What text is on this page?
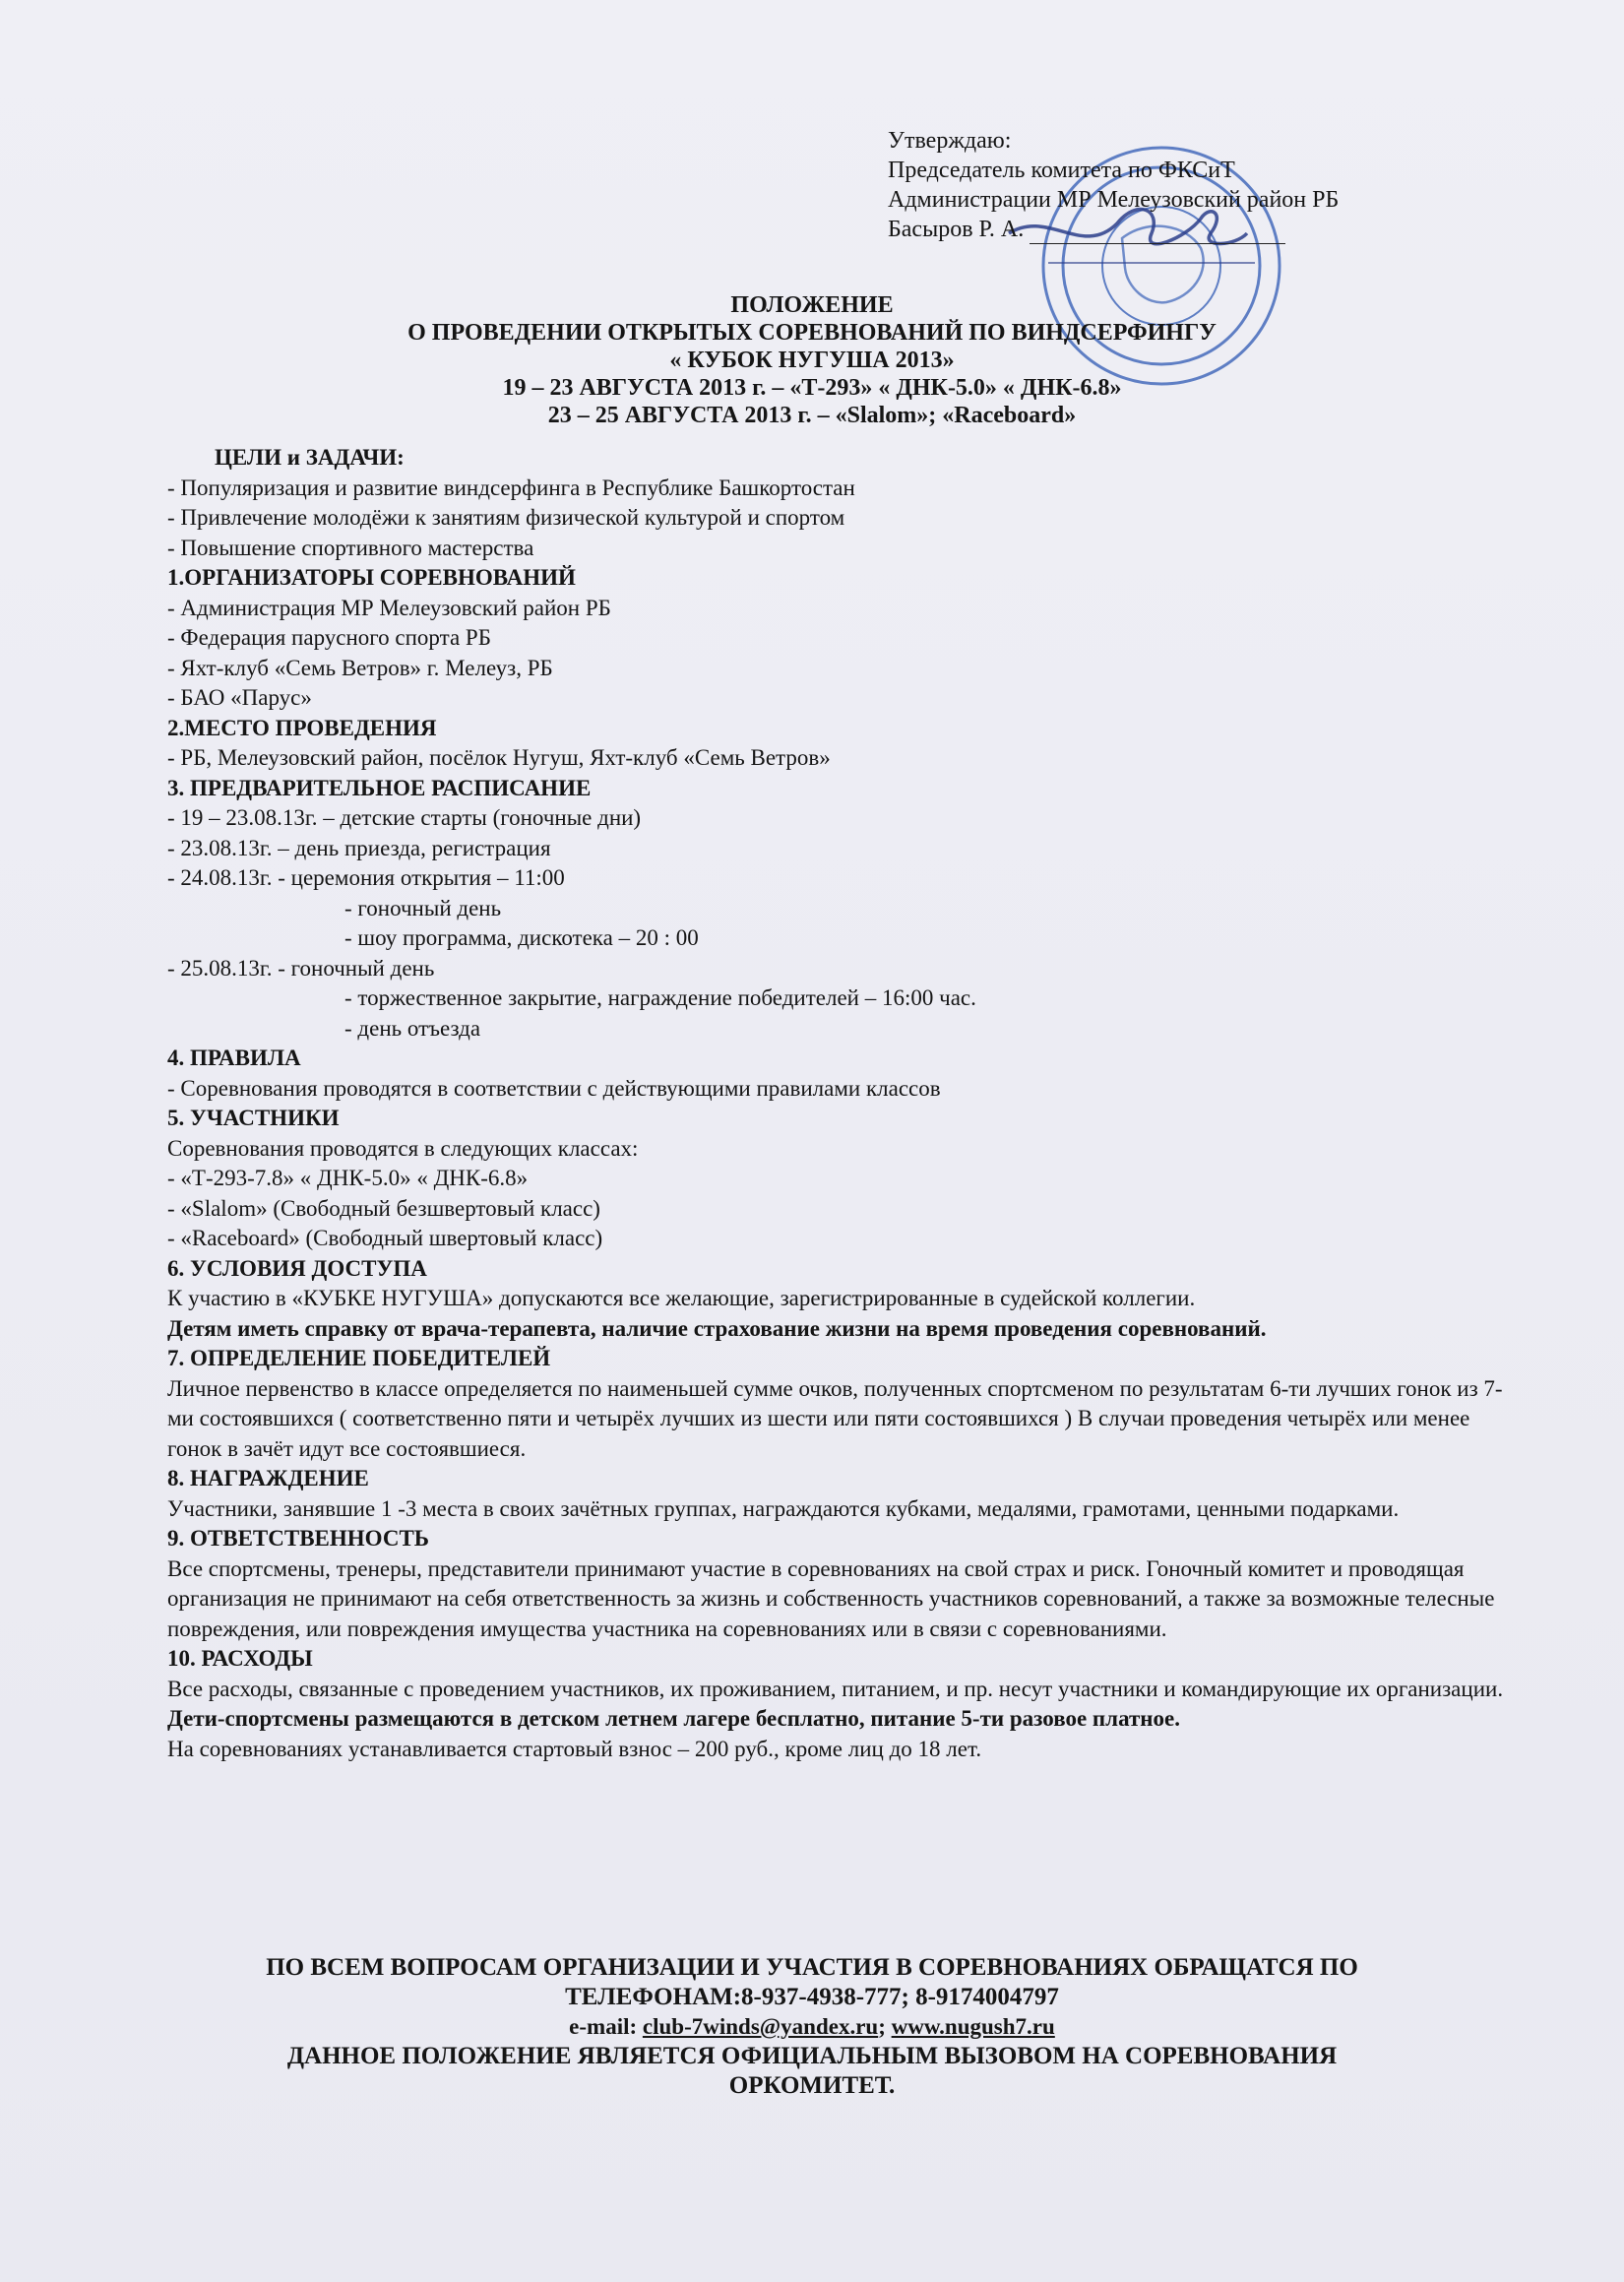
Утверждаю:
Председатель комитета по ФКСиТ
Администрации МР Мелеузовский район РБ
Басыров Р. А.
ПОЛОЖЕНИЕ
О ПРОВЕДЕНИИ ОТКРЫТЫХ СОРЕВНОВАНИЙ ПО ВИНДСЕРФИНГУ
« КУБОК НУГУША 2013»
19 – 23 АВГУСТА 2013 г. – «Т-293» « ДНК-5.0» « ДНК-6.8»
23 – 25 АВГУСТА 2013 г. – «Slalom»; «Raceboard»

ЦЕЛИ и ЗАДАЧИ:

- Популяризация и развитие виндсерфинга в Республике Башкортостан

- Привлечение молодёжи к занятиям физической культурой и спортом

- Повышение спортивного мастерства

1.ОРГАНИЗАТОРЫ СОРЕВНОВАНИЙ

- Администрация МР Мелеузовский район РБ

- Федерация парусного спорта РБ

- Яхт-клуб «Семь Ветров» г. Мелеуз, РБ

- БАО «Парус»

2.МЕСТО ПРОВЕДЕНИЯ

- РБ, Мелеузовский район, посёлок Нугуш, Яхт-клуб «Семь Ветров»

3. ПРЕДВАРИТЕЛЬНОЕ РАСПИСАНИЕ

- 19 – 23.08.13г. – детские старты (гоночные дни)

- 23.08.13г. – день приезда, регистрация

- 24.08.13г. - церемония открытия – 11:00

- гоночный день

- шоу программа, дискотека – 20 : 00

- 25.08.13г. - гоночный день

- торжественное закрытие, награждение победителей – 16:00 час.

- день отъезда

4. ПРАВИЛА

- Соревнования проводятся в соответствии с действующими правилами классов

5. УЧАСТНИКИ

Соревнования проводятся в следующих классах:

- «Т-293-7.8» « ДНК-5.0» « ДНК-6.8»

- «Slalom» (Свободный безшвертовый класс)

- «Raceboard» (Свободный швертовый класс)

6. УСЛОВИЯ ДОСТУПА

К участию в «КУБКЕ НУГУША» допускаются все желающие, зарегистрированные в судейской коллегии.

Детям иметь справку от врача-терапевта, наличие страхование жизни на время проведения соревнований.

7. ОПРЕДЕЛЕНИЕ ПОБЕДИТЕЛЕЙ

Личное первенство в классе определяется по наименьшей сумме очков, полученных спортсменом по результатам 6-ти лучших гонок из 7-ми состоявшихся ( соответственно пяти и четырёх лучших из шести или пяти состоявшихся ) В случаи проведения четырёх или менее гонок в зачёт идут все состоявшиеся.

8. НАГРАЖДЕНИЕ

Участники, занявшие 1 -3 места в своих зачётных группах, награждаются кубками, медалями, грамотами, ценными подарками.

9. ОТВЕТСТВЕННОСТЬ

Все спортсмены, тренеры, представители принимают участие в соревнованиях на свой страх и риск. Гоночный комитет и проводящая организация не принимают на себя ответственность за жизнь и собственность участников соревнований, а также за возможные телесные повреждения, или повреждения имущества участника на соревнованиях или в связи с соревнованиями.

10. РАСХОДЫ

Все расходы, связанные с проведением участников, их проживанием, питанием, и пр. несут участники и командирующие их организации.

Дети-спортсмены размещаются в детском летнем лагере бесплатно, питание 5-ти разовое платное.

На соревнованиях устанавливается стартовый взнос – 200 руб., кроме лиц до 18 лет.

ПО ВСЕМ ВОПРОСАМ ОРГАНИЗАЦИИ И УЧАСТИЯ В СОРЕВНОВАНИЯХ ОБРАЩАТСЯ ПО

ТЕЛЕФОНАМ:8-937-4938-777; 8-9174004797

e-mail: club-7winds@yandex.ru; www.nugush7.ru

ДАННОЕ ПОЛОЖЕНИЕ ЯВЛЯЕТСЯ ОФИЦИАЛЬНЫМ ВЫЗОВОМ НА СОРЕВНОВАНИЯ

ОРКОМИТЕТ.
